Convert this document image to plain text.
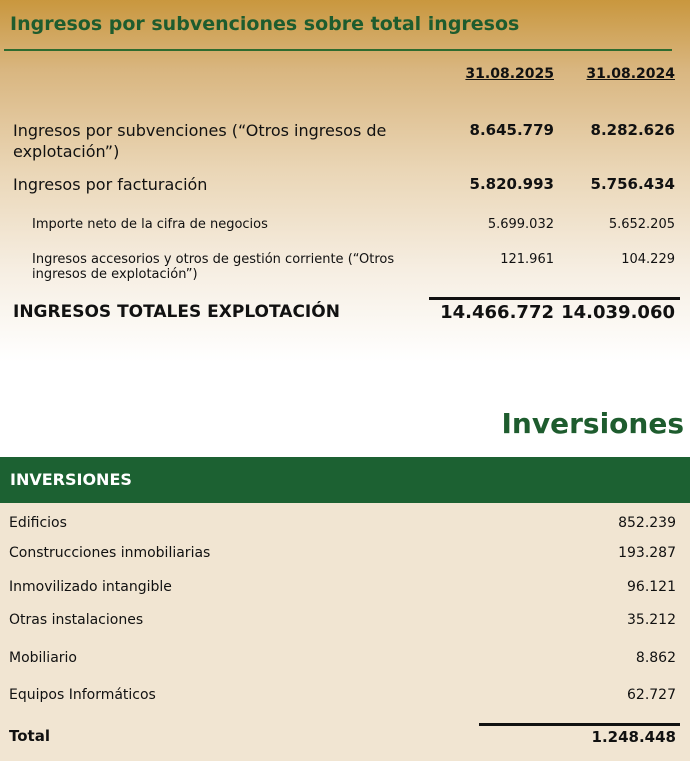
Ingresos por subvenciones sobre total ingresos
31.08.2025 31.08.2024
Ingresos por subvenciones (“Otros ingresos de
explotación”)
8.645.779 8.282.626
Ingresos por facturación	5.820.993 5.756.434
Importe neto de la cifra de negocios	5.699.032	5.652.205
Ingresos accesorios y otros de gestión corriente (“Otros
ingresos de explotación”)
121.961	104.229
INGRESOS TOTALES EXPLOTACIÓN	14.466.772 14.039.060
Inversiones
INVERSIONES
Edificios	852.239
Construcciones inmobiliarias	193.287
Inmovilizado intangible	96.121
Otras instalaciones	35.212
Mobiliario	8.862
Equipos Informáticos	62.727
Total	1.248.448
